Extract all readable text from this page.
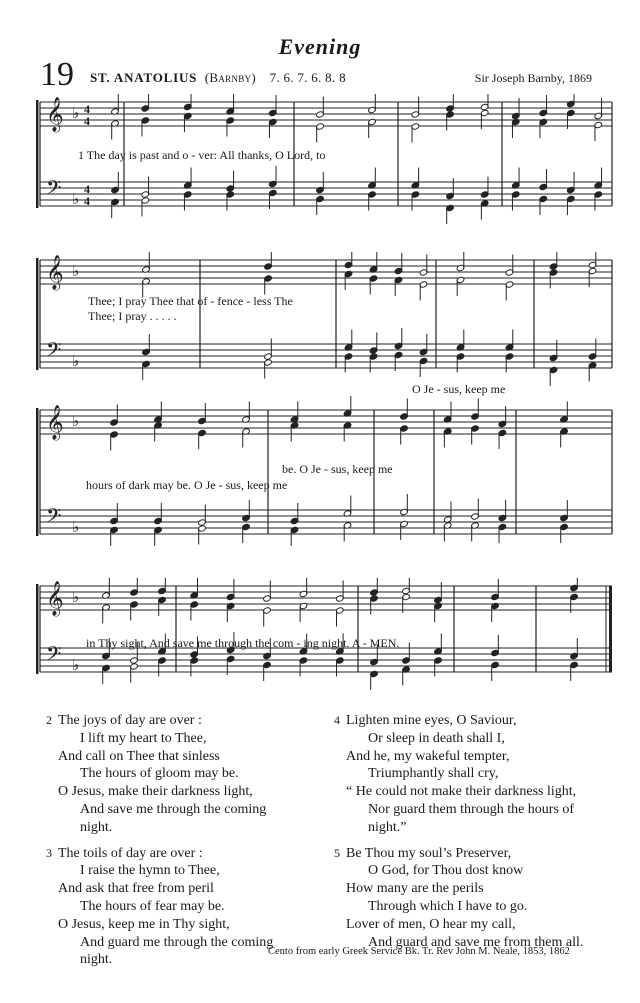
Evening
19 ST. ANATOLIUS (Barnby) 7. 6. 7. 6. 8. 8	Sir Joseph Barnby, 1869
𝄞
𝄢
♭
♭
4
4
4
4
1 The day is past and o - ver: All thanks, O Lord, to
𝄞
𝄢
♭
♭
Thee; I pray Thee that of - fence - less The
Thee; I pray . . . . .
O Je - sus, keep me
𝄞
𝄢
♭
♭
be. O Je - sus, keep me
hours of dark may be. O Je - sus, keep me
𝄞
𝄢
♭
♭
in Thy sight, And save me through the com - ing night. A - MEN.
2 The joys of day are over :
I lift my heart to Thee,
And call on Thee that sinless
The hours of gloom may be.
O Jesus, make their darkness light,
And save me through the coming
night.
3 The toils of day are over :
I raise the hymn to Thee,
And ask that free from peril
The hours of fear may be.
O Jesus, keep me in Thy sight,
And guard me through the coming
night.
4 Lighten mine eyes, O Saviour,
Or sleep in death shall I,
And he, my wakeful tempter,
Triumphantly shall cry,
“ He could not make their darkness light,
Nor guard them through the hours of
night.”
5 Be Thou my soul’s Preserver,
O God, for Thou dost know
How many are the perils
Through which I have to go.
Lover of men, O hear my call,
And guard and save me from them all.
Cento from early Greek Service Bk. Tr. Rev John M. Neale, 1853, 1862
